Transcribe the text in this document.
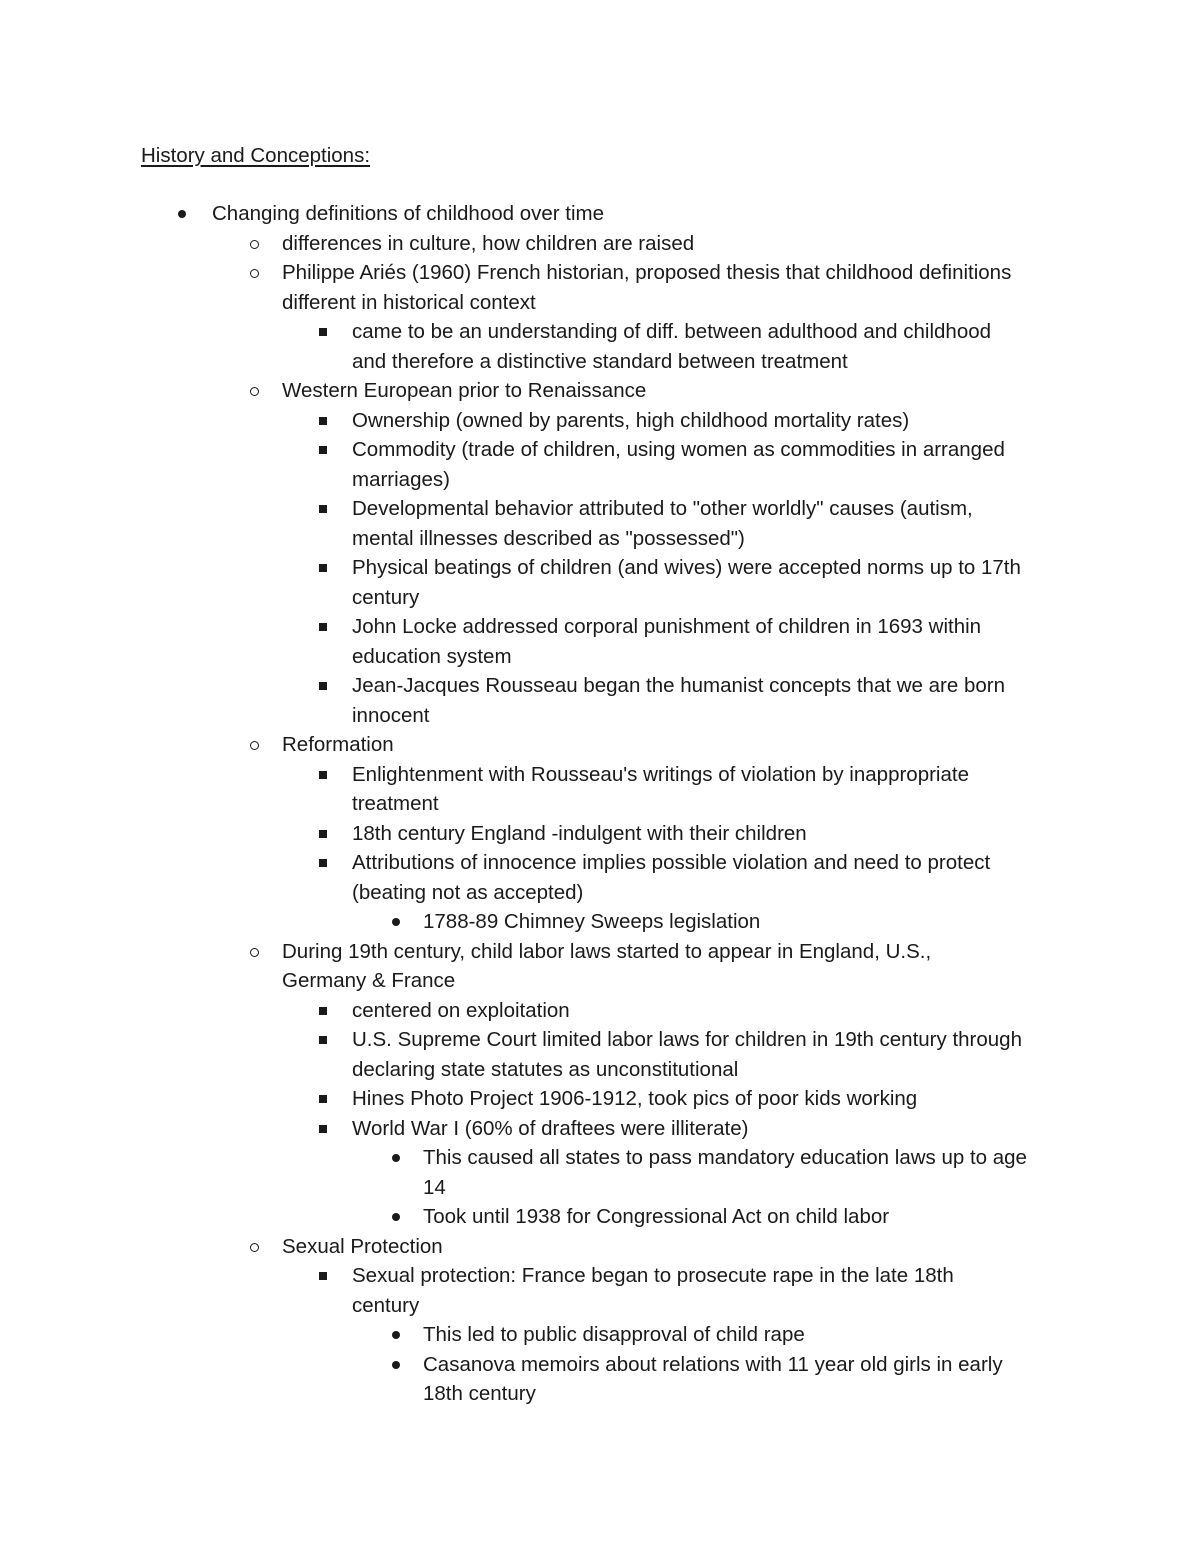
History and Conceptions:
Changing definitions of childhood over time
differences in culture, how children are raised
Philippe Ariés (1960) French historian, proposed thesis that childhood definitions
different in historical context
came to be an understanding of diff. between adulthood and childhood
and therefore a distinctive standard between treatment
Western European prior to Renaissance
Ownership (owned by parents, high childhood mortality rates)
Commodity (trade of children, using women as commodities in arranged
marriages)
Developmental behavior attributed to "other worldly" causes (autism,
mental illnesses described as "possessed")
Physical beatings of children (and wives) were accepted norms up to 17th
century
John Locke addressed corporal punishment of children in 1693 within
education system
Jean-Jacques Rousseau began the humanist concepts that we are born
innocent
Reformation
Enlightenment with Rousseau's writings of violation by inappropriate
treatment
18th century England -indulgent with their children
Attributions of innocence implies possible violation and need to protect
(beating not as accepted)
1788-89 Chimney Sweeps legislation
During 19th century, child labor laws started to appear in England, U.S.,
Germany & France
centered on exploitation
U.S. Supreme Court limited labor laws for children in 19th century through
declaring state statutes as unconstitutional
Hines Photo Project 1906-1912, took pics of poor kids working
World War I (60% of draftees were illiterate)
This caused all states to pass mandatory education laws up to age
14
Took until 1938 for Congressional Act on child labor
Sexual Protection
Sexual protection: France began to prosecute rape in the late 18th
century
This led to public disapproval of child rape
Casanova memoirs about relations with 11 year old girls in early
18th century
